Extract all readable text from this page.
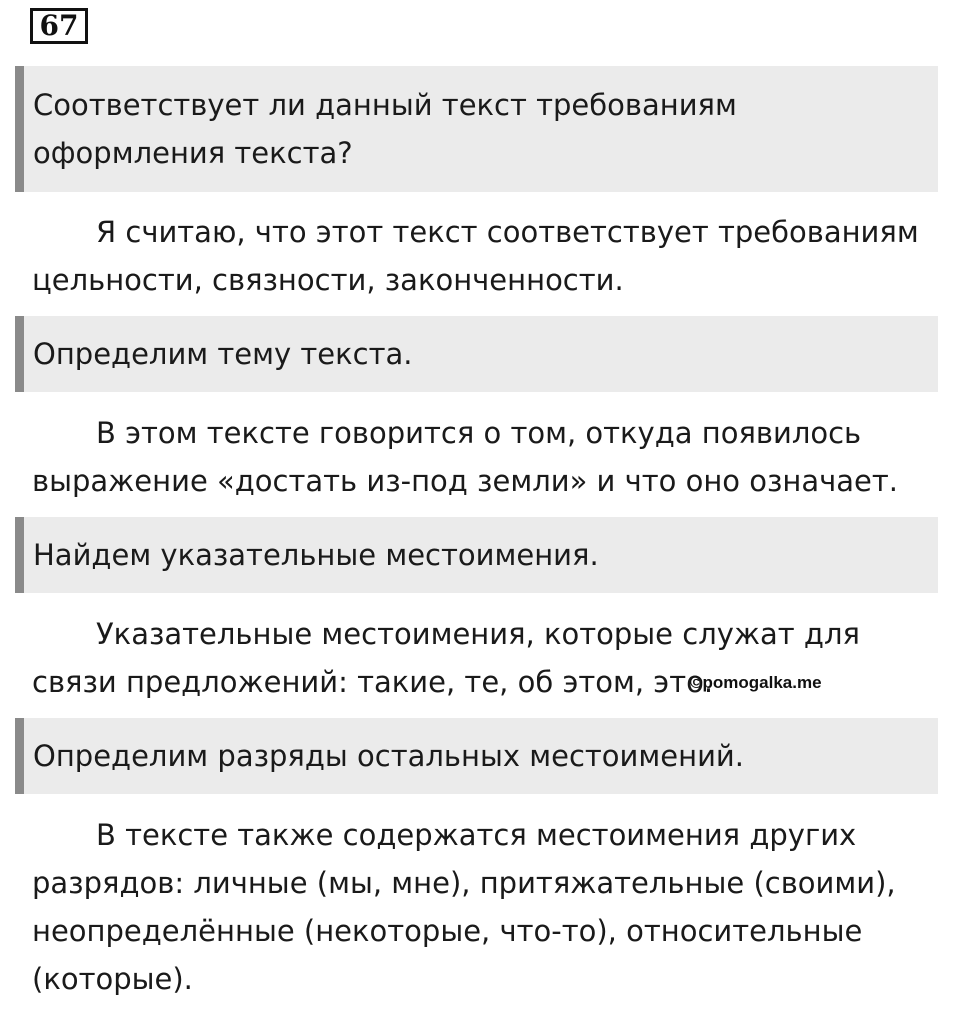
67
Соответствует ли данный текст требованиям оформления текста?

Я считаю, что этот текст соответствует требованиям цельности, связности, законченности.

Определим тему текста.

В этом тексте говорится о том, откуда появилось выражение «достать из-под земли» и что оно означает.

Найдем указательные местоимения.

Указательные местоимения, которые служат для связи предложений: такие, те, об этом, это.

Определим разряды остальных местоимений.

В тексте также содержатся местоимения других разрядов: личные (мы, мне), притяжательные (своими), неопределённые (некоторые, что-то), относительные (которые).

©pomogalka.me
